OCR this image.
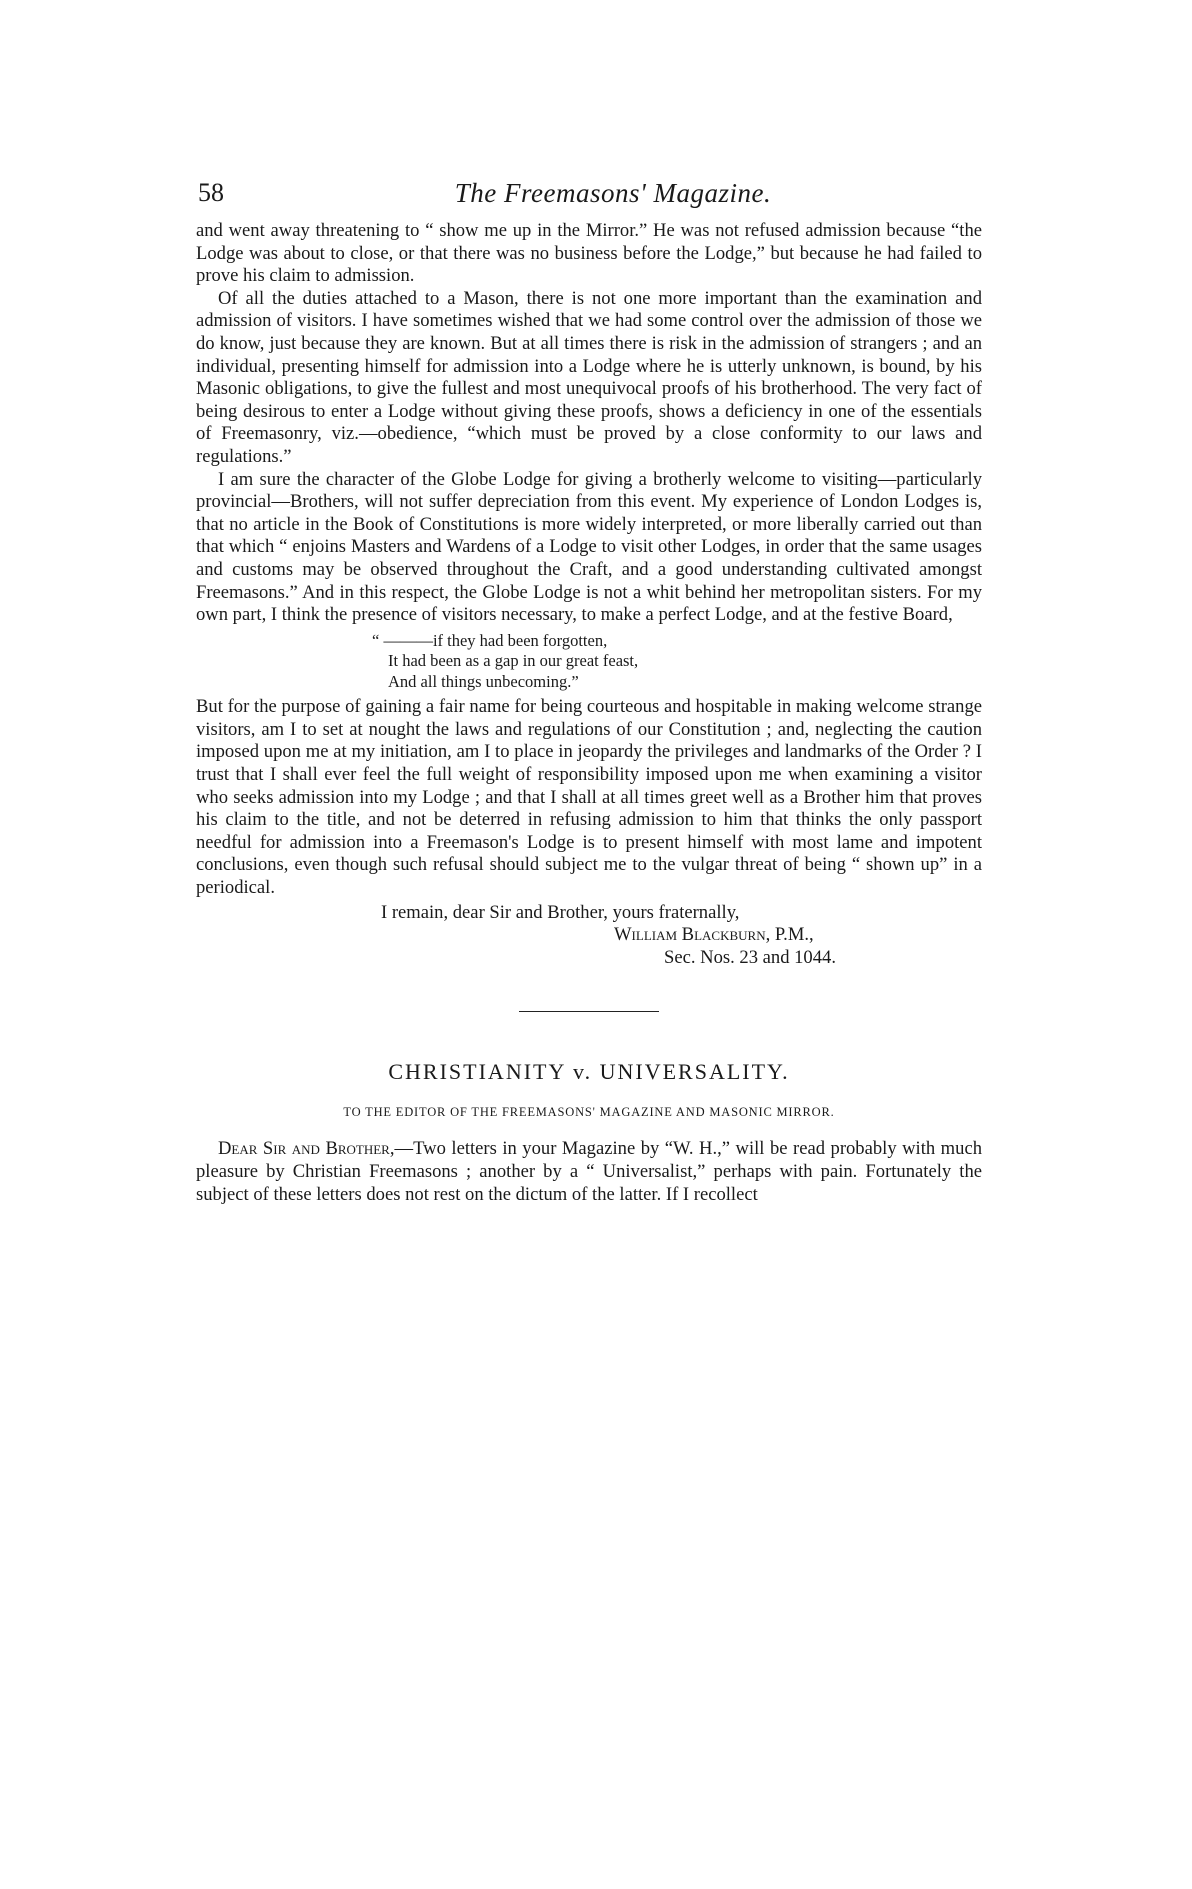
58	The Freemasons' Magazine.

and went away threatening to “ show me up in the Mirror.” He was not refused admission because “the Lodge was about to close, or that there was no business before the Lodge,” but because he had failed to prove his claim to admission.

Of all the duties attached to a Mason, there is not one more important than the examination and admission of visitors. I have sometimes wished that we had some control over the admission of those we do know, just because they are known. But at all times there is risk in the admission of strangers ; and an individual, presenting himself for admission into a Lodge where he is utterly unknown, is bound, by his Masonic obligations, to give the fullest and most unequivocal proofs of his brotherhood. The very fact of being desirous to enter a Lodge without giving these proofs, shows a deficiency in one of the essentials of Freemasonry, viz.—obedience, “which must be proved by a close conformity to our laws and regulations.”

I am sure the character of the Globe Lodge for giving a brotherly welcome to visiting—particularly provincial—Brothers, will not suffer depreciation from this event. My experience of London Lodges is, that no article in the Book of Constitutions is more widely interpreted, or more liberally carried out than that which “ enjoins Masters and Wardens of a Lodge to visit other Lodges, in order that the same usages and customs may be observed throughout the Craft, and a good understanding cultivated amongst Freemasons.” And in this respect, the Globe Lodge is not a whit behind her metropolitan sisters. For my own part, I think the presence of visitors necessary, to make a perfect Lodge, and at the festive Board,

“ ———if they had been forgotten,
It had been as a gap in our great feast,
And all things unbecoming.”

But for the purpose of gaining a fair name for being courteous and hospitable in making welcome strange visitors, am I to set at nought the laws and regulations of our Constitution ; and, neglecting the caution imposed upon me at my initiation, am I to place in jeopardy the privileges and landmarks of the Order ? I trust that I shall ever feel the full weight of responsibility imposed upon me when examining a visitor who seeks admission into my Lodge ; and that I shall at all times greet well as a Brother him that proves his claim to the title, and not be deterred in refusing admission to him that thinks the only passport needful for admission into a Freemason's Lodge is to present himself with most lame and impotent conclusions, even though such refusal should subject me to the vulgar threat of being “ shown up” in a periodical.

I remain, dear Sir and Brother, yours fraternally,
William Blackburn, P.M.,
Sec. Nos. 23 and 1044.
CHRISTIANITY v. UNIVERSALITY.
TO THE EDITOR OF THE FREEMASONS' MAGAZINE AND MASONIC MIRROR.

Dear Sir and Brother,—Two letters in your Magazine by “W. H.,” will be read probably with much pleasure by Christian Freemasons ; another by a “ Universalist,” perhaps with pain. Fortunately the subject of these letters does not rest on the dictum of the latter. If I recollect
